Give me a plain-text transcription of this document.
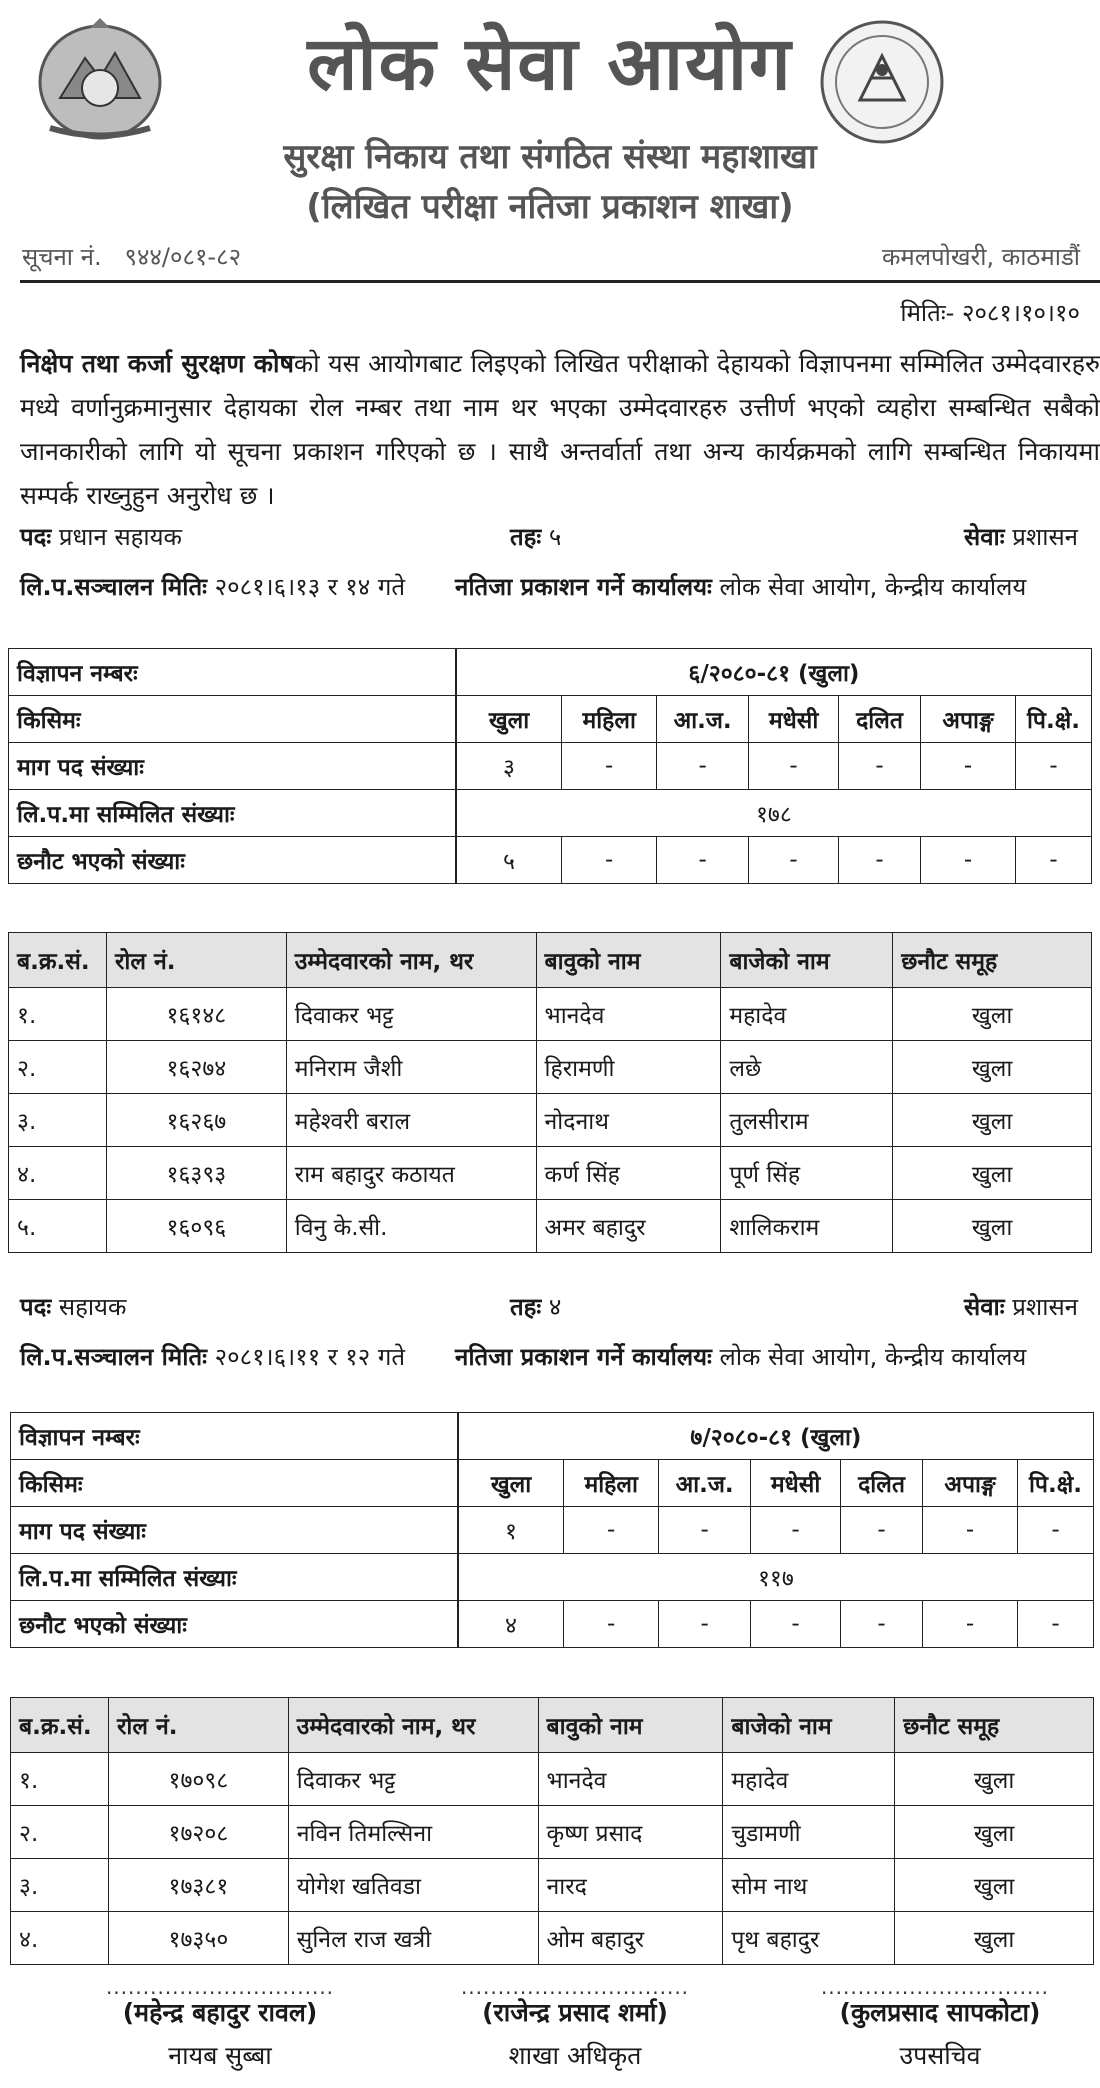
लोक सेवा आयोग
सुरक्षा निकाय तथा संगठित संस्था महाशाखा
(लिखित परीक्षा नतिजा प्रकाशन शाखा)
सूचना नं.   ९४४/०८१-८२	कमलपोखरी, काठमाडौं
मितिः- २०८१।१०।१०
निक्षेप तथा कर्जा सुरक्षण कोषको यस आयोगबाट लिइएको लिखित परीक्षाको देहायको विज्ञापनमा सम्मिलित उम्मेदवारहरु मध्ये वर्णानुक्रमानुसार देहायका रोल नम्बर तथा नाम थर भएका उम्मेदवारहरु उत्तीर्ण भएको व्यहोरा सम्बन्धित सबैको जानकारीको लागि यो सूचना प्रकाशन गरिएको छ । साथै अन्तर्वार्ता तथा अन्य कार्यक्रमको लागि सम्बन्धित निकायमा सम्पर्क राख्नुहुन अनुरोध छ ।
पदः प्रधान सहायक	तहः ५	सेवाः प्रशासन
लि.प.सञ्चालन मितिः २०८१।६।१३ र १४ गते नतिजा प्रकाशन गर्ने कार्यालयः लोक सेवा आयोग, केन्द्रीय कार्यालय
विज्ञापन नम्बरः	६/२०८०-८१ (खुला)						
किसिमः	खुला	महिला	आ.ज.	मधेसी	दलित	अपाङ्ग	पि.क्षे.
माग पद संख्याः	३	-	-	-	-	-	-
लि.प.मा सम्मिलित संख्याः	१७८						
छनौट भएको संख्याः	५	-	-	-	-	-	-
ब.क्र.सं.	रोल नं.	उम्मेदवारको नाम, थर	बावुको नाम	बाजेको नाम	छनौट समूह
१.	१६१४८	दिवाकर भट्ट	भानदेव	महादेव	खुला
२.	१६२७४	मनिराम जैशी	हिरामणी	लछे	खुला
३.	१६२६७	महेश्वरी बराल	नोदनाथ	तुलसीराम	खुला
४.	१६३९३	राम बहादुर कठायत	कर्ण सिंह	पूर्ण सिंह	खुला
५.	१६०९६	विनु के.सी.	अमर बहादुर	शालिकराम	खुला
पदः सहायक	तहः ४	सेवाः प्रशासन
लि.प.सञ्चालन मितिः २०८१।६।११ र १२ गते नतिजा प्रकाशन गर्ने कार्यालयः लोक सेवा आयोग, केन्द्रीय कार्यालय
विज्ञापन नम्बरः	७/२०८०-८१ (खुला)						
किसिमः	खुला	महिला	आ.ज.	मधेसी	दलित	अपाङ्ग	पि.क्षे.
माग पद संख्याः	१	-	-	-	-	-	-
लि.प.मा सम्मिलित संख्याः	११७						
छनौट भएको संख्याः	४	-	-	-	-	-	-
ब.क्र.सं.	रोल नं.	उम्मेदवारको नाम, थर	बावुको नाम	बाजेको नाम	छनौट समूह
१.	१७०९८	दिवाकर भट्ट	भानदेव	महादेव	खुला
२.	१७२०८	नविन तिमल्सिना	कृष्ण प्रसाद	चुडामणी	खुला
३.	१७३८१	योगेश खतिवडा	नारद	सोम नाथ	खुला
४.	१७३५०	सुनिल राज खत्री	ओम बहादुर	पृथ बहादुर	खुला
...............................	...............................	...............................
(महेन्द्र बहादुर रावल)	(राजेन्द्र प्रसाद शर्मा)	(कुलप्रसाद सापकोटा)
नायब सुब्बा	शाखा अधिकृत	उपसचिव
